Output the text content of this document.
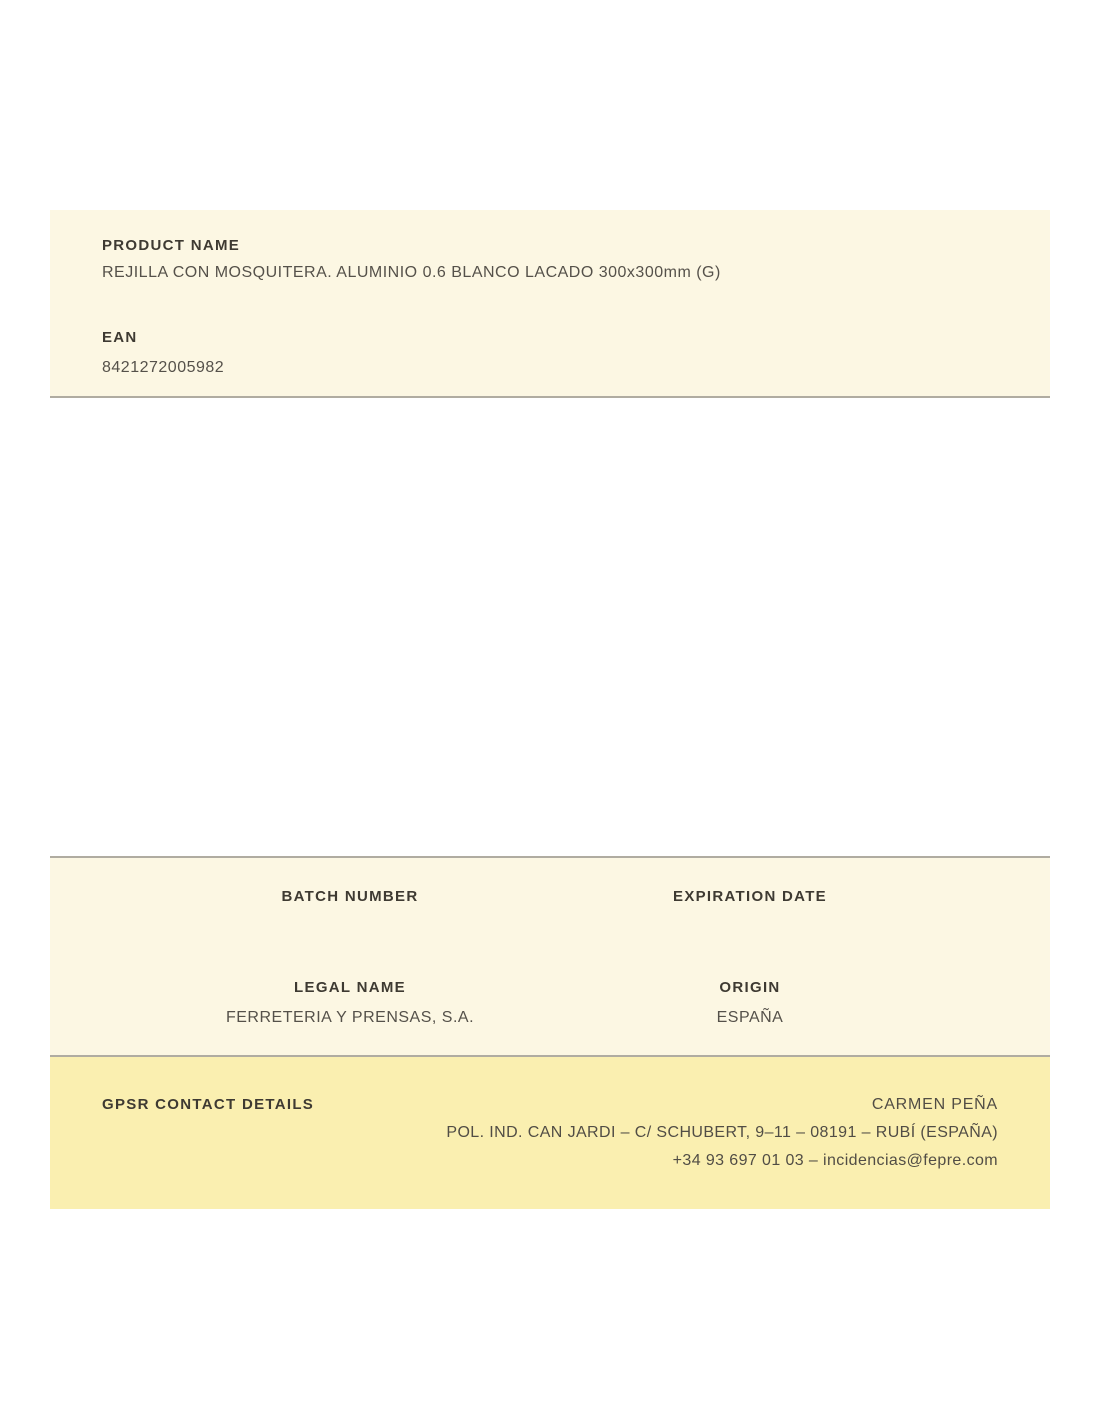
PRODUCT NAME
REJILLA CON MOSQUITERA. ALUMINIO 0.6 BLANCO LACADO 300x300mm (G)
EAN
8421272005982
BATCH NUMBER	EXPIRATION DATE
LEGAL NAME
FERRETERIA Y PRENSAS, S.A.
ORIGIN
ESPAÑA
GPSR CONTACT DETAILS	CARMEN PEÑA
POL. IND. CAN JARDI – C/ SCHUBERT, 9–11 – 08191 – RUBÍ (ESPAÑA)
+34 93 697 01 03 – incidencias@fepre.com
